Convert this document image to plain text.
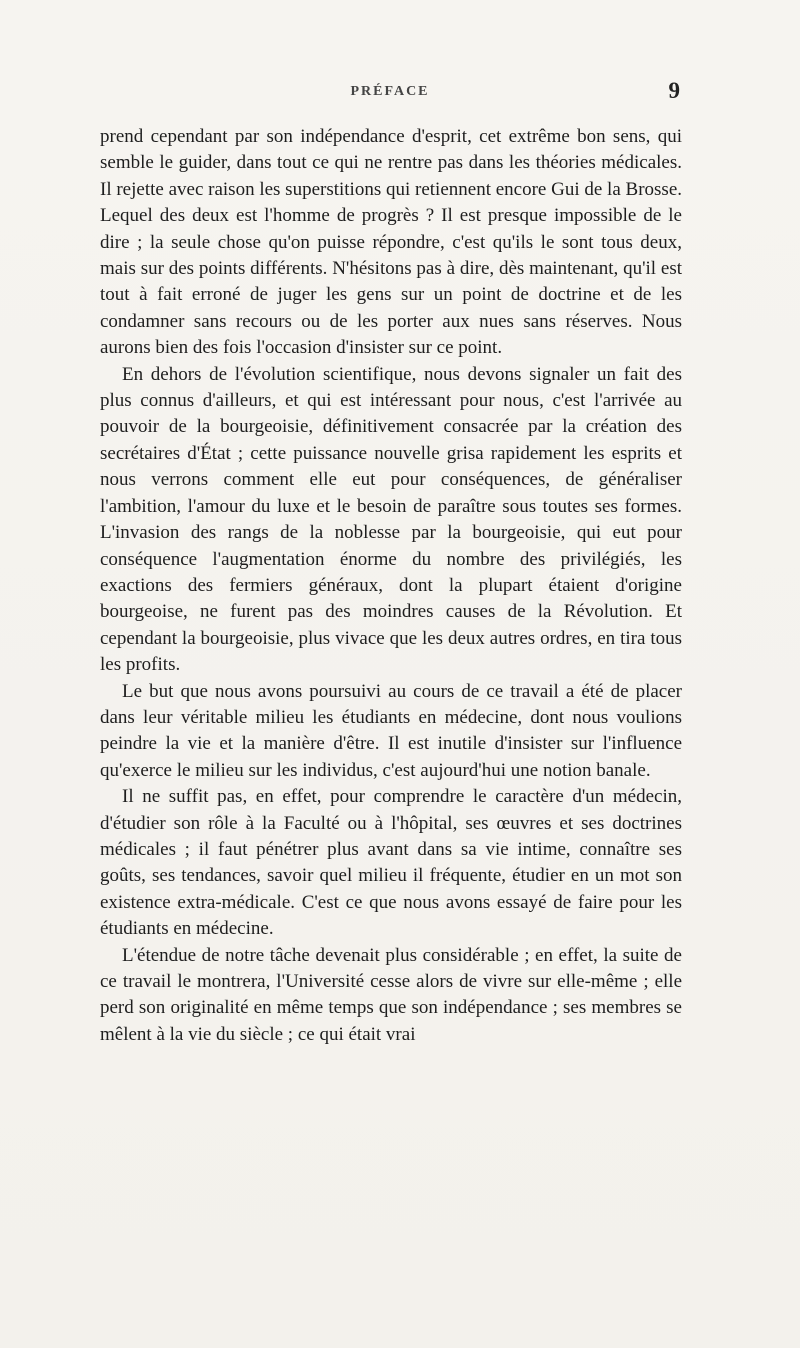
PRÉFACE	9

prend cependant par son indépendance d'esprit, cet extrême bon sens, qui semble le guider, dans tout ce qui ne rentre pas dans les théories médicales. Il rejette avec raison les superstitions qui retiennent encore Gui de la Brosse. Lequel des deux est l'homme de progrès ? Il est presque impossible de le dire ; la seule chose qu'on puisse répondre, c'est qu'ils le sont tous deux, mais sur des points différents. N'hésitons pas à dire, dès maintenant, qu'il est tout à fait erroné de juger les gens sur un point de doctrine et de les condamner sans recours ou de les porter aux nues sans réserves. Nous aurons bien des fois l'occasion d'insister sur ce point.

En dehors de l'évolution scientifique, nous devons signaler un fait des plus connus d'ailleurs, et qui est intéressant pour nous, c'est l'arrivée au pouvoir de la bourgeoisie, définitivement consacrée par la création des secrétaires d'État ; cette puissance nouvelle grisa rapidement les esprits et nous verrons comment elle eut pour conséquences, de généraliser l'ambition, l'amour du luxe et le besoin de paraître sous toutes ses formes. L'invasion des rangs de la noblesse par la bourgeoisie, qui eut pour conséquence l'augmentation énorme du nombre des privilégiés, les exactions des fermiers généraux, dont la plupart étaient d'origine bourgeoise, ne furent pas des moindres causes de la Révolution. Et cependant la bourgeoisie, plus vivace que les deux autres ordres, en tira tous les profits.

Le but que nous avons poursuivi au cours de ce travail a été de placer dans leur véritable milieu les étudiants en médecine, dont nous voulions peindre la vie et la manière d'être. Il est inutile d'insister sur l'influence qu'exerce le milieu sur les individus, c'est aujourd'hui une notion banale.

Il ne suffit pas, en effet, pour comprendre le caractère d'un médecin, d'étudier son rôle à la Faculté ou à l'hôpital, ses œuvres et ses doctrines médicales ; il faut pénétrer plus avant dans sa vie intime, connaître ses goûts, ses tendances, savoir quel milieu il fréquente, étudier en un mot son existence extra-médicale. C'est ce que nous avons essayé de faire pour les étudiants en médecine.

L'étendue de notre tâche devenait plus considérable ; en effet, la suite de ce travail le montrera, l'Université cesse alors de vivre sur elle-même ; elle perd son originalité en même temps que son indépendance ; ses membres se mêlent à la vie du siècle ; ce qui était vrai
